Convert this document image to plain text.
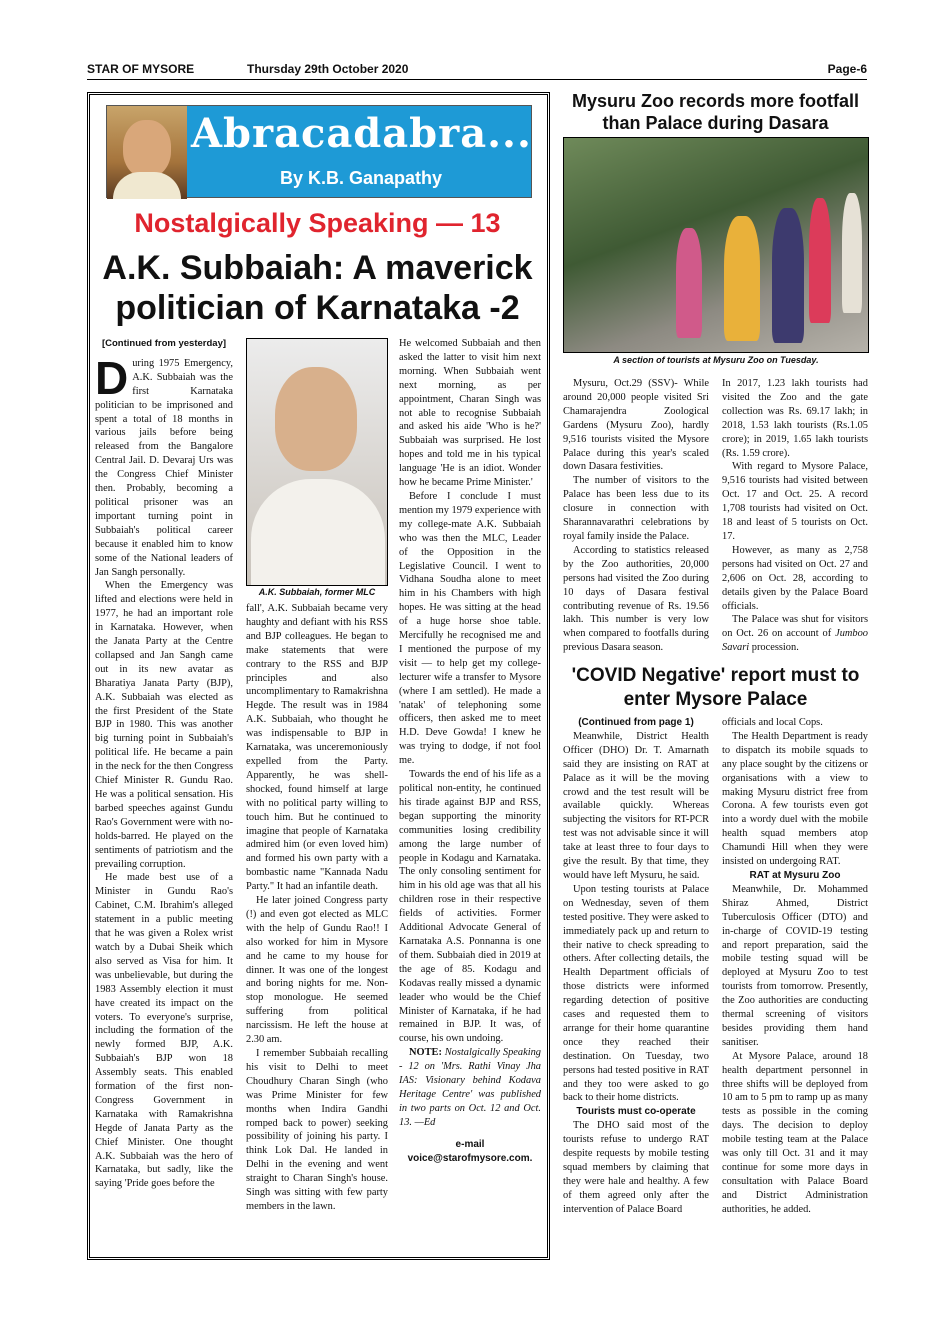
STAR OF MYSORE	Thursday 29th October 2020	Page-6
Abracadabra...
By K.B. Ganapathy
Nostalgically Speaking — 13
A.K. Subbaiah: A maverick politician of Karnataka -2
[Continued from yesterday]

During 1975 Emergency, A.K. Subbaiah was the first Karnataka politician to be imprisoned and spent a total of 18 months in various jails before being released from the Bangalore Central Jail. D. Devaraj Urs was the Congress Chief Minister then. Probably, becoming a political prisoner was an important turning point in Subbaiah's political career because it enabled him to know some of the National leaders of Jan Sangh personally.

When the Emergency was lifted and elections were held in 1977, he had an important role in Karnataka. However, when the Janata Party at the Centre collapsed and Jan Sangh came out in its new avatar as Bharatiya Janata Party (BJP), A.K. Subbaiah was elected as the first President of the State BJP in 1980. This was another big turning point in Subbaiah's political life. He became a pain in the neck for the then Congress Chief Minister R. Gundu Rao. He was a political sensation. His barbed speeches against Gundu Rao's Government were with no-holds-barred. He played on the sentiments of patriotism and the prevailing corruption.

He made best use of a Minister in Gundu Rao's Cabinet, C.M. Ibrahim's alleged statement in a public meeting that he was given a Rolex wrist watch by a Dubai Sheik which also served as Visa for him. It was unbelievable, but during the 1983 Assembly election it must have created its impact on the voters. To everyone's surprise, including the formation of the newly formed BJP, A.K. Subbaiah's BJP won 18 Assembly seats. This enabled formation of the first non-Congress Government in Karnataka with Ramakrishna Hegde of Janata Party as the Chief Minister. One thought A.K. Subbaiah was the hero of Karnataka, but sadly, like the saying 'Pride goes before the

A.K. Subbaiah, former MLC

fall', A.K. Subbaiah became very haughty and defiant with his RSS and BJP colleagues. He began to make statements that were contrary to the RSS and BJP principles and also uncomplimentary to Ramakrishna Hegde. The result was in 1984 A.K. Subbaiah, who thought he was indispensable to BJP in Karnataka, was unceremoniously expelled from the Party. Apparently, he was shell-shocked, found himself at large with no political party willing to touch him. But he continued to imagine that people of Karnataka admired him (or even loved him) and formed his own party with a bombastic name "Kannada Nadu Party." It had an infantile death.

He later joined Congress party (!) and even got elected as MLC with the help of Gundu Rao!! I also worked for him in Mysore and he came to my house for dinner. It was one of the longest and boring nights for me. Non-stop monologue. He seemed suffering from political narcissism. He left the house at 2.30 am.

I remember Subbaiah recalling his visit to Delhi to meet Choudhury Charan Singh (who was Prime Minister for few months when Indira Gandhi romped back to power) seeking possibility of joining his party. I think Lok Dal. He landed in Delhi in the evening and went straight to Charan Singh's house. Singh was sitting with few party members in the lawn.

He welcomed Subbaiah and then asked the latter to visit him next morning. When Subbaiah went next morning, as per appointment, Charan Singh was not able to recognise Subbaiah and asked his aide 'Who is he?' Subbaiah was surprised. He lost hopes and told me in his typical language 'He is an idiot. Wonder how he became Prime Minister.'

Before I conclude I must mention my 1979 experience with my college-mate A.K. Subbaiah who was then the MLC, Leader of the Opposition in the Legislative Council. I went to Vidhana Soudha alone to meet him in his Chambers with high hopes. He was sitting at the head of a huge horse shoe table. Mercifully he recognised me and I mentioned the purpose of my visit — to help get my college-lecturer wife a transfer to Mysore (where I am settled). He made a 'natak' of telephoning some officers, then asked me to meet H.D. Deve Gowda! I knew he was trying to dodge, if not fool me.

Towards the end of his life as a political non-entity, he continued his tirade against BJP and RSS, began supporting the minority communities losing credibility among the large number of people in Kodagu and Karnataka. The only consoling sentiment for him in his old age was that all his children rose in their respective fields of activities. Former Additional Advocate General of Karnataka A.S. Ponnanna is one of them. Subbaiah died in 2019 at the age of 85. Kodagu and Kodavas really missed a dynamic leader who would be the Chief Minister of Karnataka, if he had remained in BJP. It was, of course, his own undoing.

NOTE: Nostalgically Speaking - 12 on 'Mrs. Rathi Vinay Jha IAS: Visionary behind Kodava Heritage Centre' was published in two parts on Oct. 12 and Oct. 13. —Ed

e-mail

voice@starofmysore.com.

Mysuru Zoo records more footfall than Palace during Dasara
A section of tourists at Mysuru Zoo on Tuesday.

Mysuru, Oct.29 (SSV)- While around 20,000 people visited Sri Chamarajendra Zoological Gardens (Mysuru Zoo), hardly 9,516 tourists visited the Mysore Palace during this year's scaled down Dasara festivities.

The number of visitors to the Palace has been less due to its closure in connection with Sharannavarathri celebrations by royal family inside the Palace.

According to statistics released by the Zoo authorities, 20,000 persons had visited the Zoo during 10 days of Dasara festival contributing revenue of Rs. 19.56 lakh. This number is very low when compared to footfalls during previous Dasara season.

In 2017, 1.23 lakh tourists had visited the Zoo and the gate collection was Rs. 69.17 lakh; in 2018, 1.53 lakh tourists (Rs.1.05 crore); in 2019, 1.65 lakh tourists (Rs. 1.59 crore).

With regard to Mysore Palace, 9,516 tourists had visited between Oct. 17 and Oct. 25. A record 1,708 tourists had visited on Oct. 18 and least of 5 tourists on Oct. 17.

However, as many as 2,758 persons had visited on Oct. 27 and 2,606 on Oct. 28, according to details given by the Palace Board officials.

The Palace was shut for visitors on Oct. 26 on account of Jumboo Savari procession.

'COVID Negative' report must to enter Mysore Palace

(Continued from page 1)

Meanwhile, District Health Officer (DHO) Dr. T. Amarnath said they are insisting on RAT at Palace as it will be the moving crowd and the test result will be available quickly. Whereas subjecting the visitors for RT-PCR test was not advisable since it will take at least three to four days to give the result. By that time, they would have left Mysuru, he said.

Upon testing tourists at Palace on Wednesday, seven of them tested positive. They were asked to immediately pack up and return to their native to check spreading to others. After collecting details, the Health Department officials of those districts were informed regarding detection of positive cases and requested them to arrange for their home quarantine once they reached their destination. On Tuesday, two persons had tested positive in RAT and they too were asked to go back to their home districts.

Tourists must co-operate

The DHO said most of the tourists refuse to undergo RAT despite requests by mobile testing squad members by claiming that they were hale and healthy. A few of them agreed only after the intervention of Palace Board

officials and local Cops.

The Health Department is ready to dispatch its mobile squads to any place sought by the citizens or organisations with a view to making Mysuru district free from Corona. A few tourists even got into a wordy duel with the mobile health squad members atop Chamundi Hill when they were insisted on undergoing RAT.

RAT at Mysuru Zoo

Meanwhile, Dr. Mohammed Shiraz Ahmed, District Tuberculosis Officer (DTO) and in-charge of COVID-19 testing and report preparation, said the mobile testing squad will be deployed at Mysuru Zoo to test tourists from tomorrow. Presently, the Zoo authorities are conducting thermal screening of visitors besides providing them hand sanitiser.

At Mysore Palace, around 18 health department personnel in three shifts will be deployed from 10 am to 5 pm to ramp up as many tests as possible in the coming days. The decision to deploy mobile testing team at the Palace was only till Oct. 31 and it may continue for some more days in consultation with Palace Board and District Administration authorities, he added.
